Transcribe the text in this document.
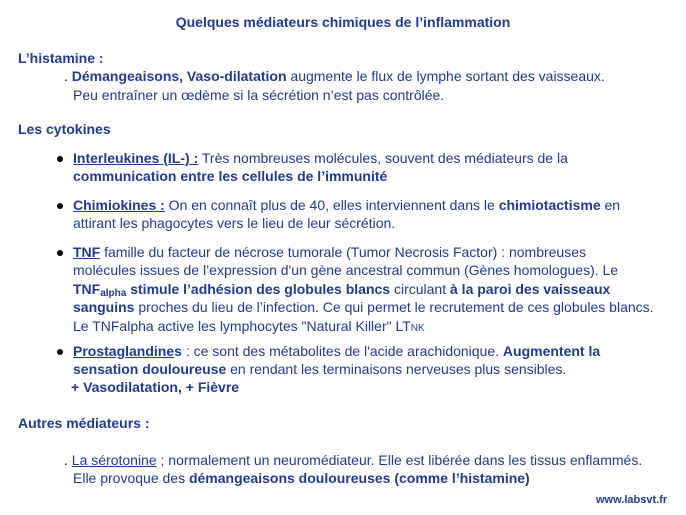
Quelques médiateurs chimiques de l’inflammation
L’histamine :
. Démangeaisons, Vaso-dilatation augmente le flux de lymphe sortant des vaisseaux.
Peu entraîner un œdème si la sécrétion n’est pas contrôlée.
Les cytokines
Interleukines (IL-) : Très nombreuses molécules, souvent des médiateurs de la
communication entre les cellules de l’immunité
Chimiokines : On en connaît plus de 40, elles interviennent dans le chimiotactisme en
attirant les phagocytes vers le lieu de leur sécrétion.
TNF famille du facteur de nécrose tumorale (Tumor Necrosis Factor) : nombreuses
molécules issues de l’expression d'un gène ancestral commun (Gènes homologues). Le
$TNF_{alpha}$ stimule l’adhésion des globules blancs circulant à la paroi des vaisseaux
sanguins proches du lieu de l’infection. Ce qui permet le recrutement de ces globules blancs.
Le TNFalpha active les lymphocytes "Natural Killer" LTNK
Prostaglandines : ce sont des métabolites de l'acide arachidonique. Augmentent la
sensation douloureuse en rendant les terminaisons nerveuses plus sensibles.
+ Vasodilatation, + Fièvre
Autres médiateurs :
. La sérotonine ; normalement un neuromédiateur. Elle est libérée dans les tissus enflammés.
Elle provoque des démangeaisons douloureuses (comme l’histamine)
www.labsvt.fr
